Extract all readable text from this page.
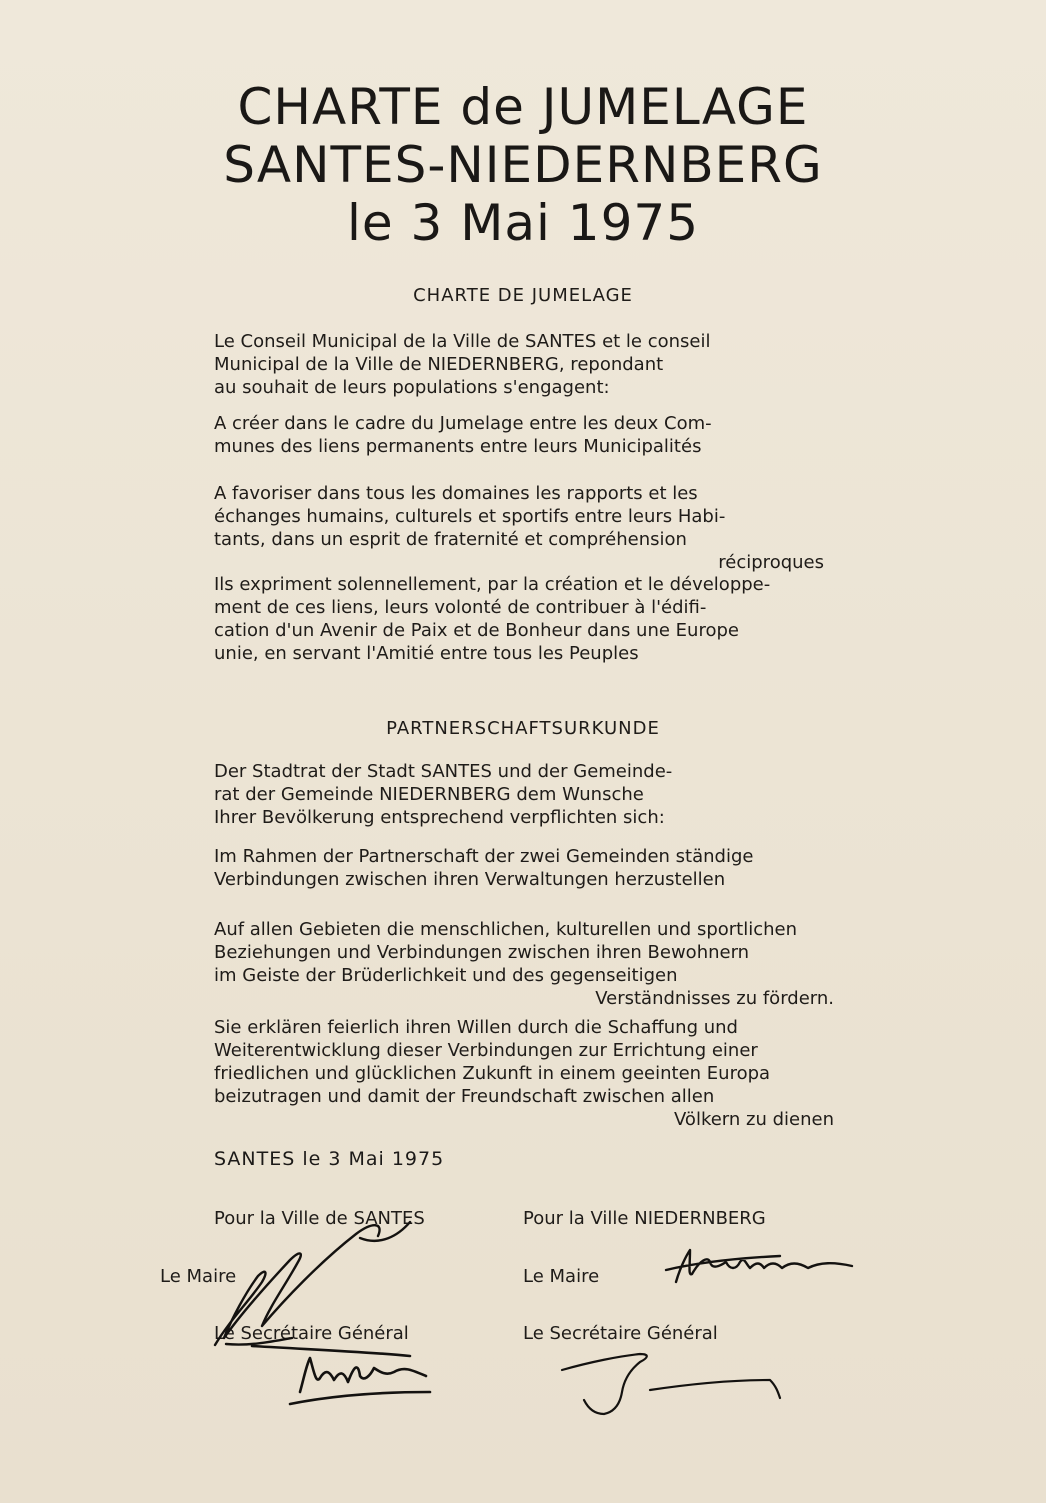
CHARTE de JUMELAGE
SANTES-NIEDERNBERG
le 3 Mai 1975
CHARTE DE JUMELAGE
Le Conseil Municipal de la Ville de SANTES et le conseil
Municipal de la Ville de NIEDERNBERG, repondant
au souhait de leurs populations s'engagent:
A créer dans le cadre du Jumelage entre les deux Com-
munes des liens permanents entre leurs Municipalités
A favoriser dans tous les domaines les rapports et les
échanges humains, culturels et sportifs entre leurs Habi-
tants, dans un esprit de fraternité et compréhension
réciproques
Ils expriment solennellement, par la création et le développe-
ment de ces liens, leurs volonté de contribuer à l'édifi-
cation d'un Avenir de Paix et de Bonheur dans une Europe
unie, en servant l'Amitié entre tous les Peuples
PARTNERSCHAFTSURKUNDE
Der Stadtrat der Stadt SANTES und der Gemeinde-
rat der Gemeinde NIEDERNBERG dem Wunsche
Ihrer Bevölkerung entsprechend verpflichten sich:
Im Rahmen der Partnerschaft der zwei Gemeinden ständige
Verbindungen zwischen ihren Verwaltungen herzustellen
Auf allen Gebieten die menschlichen, kulturellen und sportlichen
Beziehungen und Verbindungen zwischen ihren Bewohnern
im Geiste der Brüderlichkeit und des gegenseitigen
Verständnisses zu fördern.
Sie erklären feierlich ihren Willen durch die Schaffung und
Weiterentwicklung dieser Verbindungen zur Errichtung einer
friedlichen und glücklichen Zukunft in einem geeinten Europa
beizutragen und damit der Freundschaft zwischen allen
Völkern zu dienen
SANTES le 3 Mai 1975
Pour la Ville de SANTES
Le Maire
Le Secrétaire Général
Pour la Ville NIEDERNBERG
Le Maire
Le Secrétaire Général
